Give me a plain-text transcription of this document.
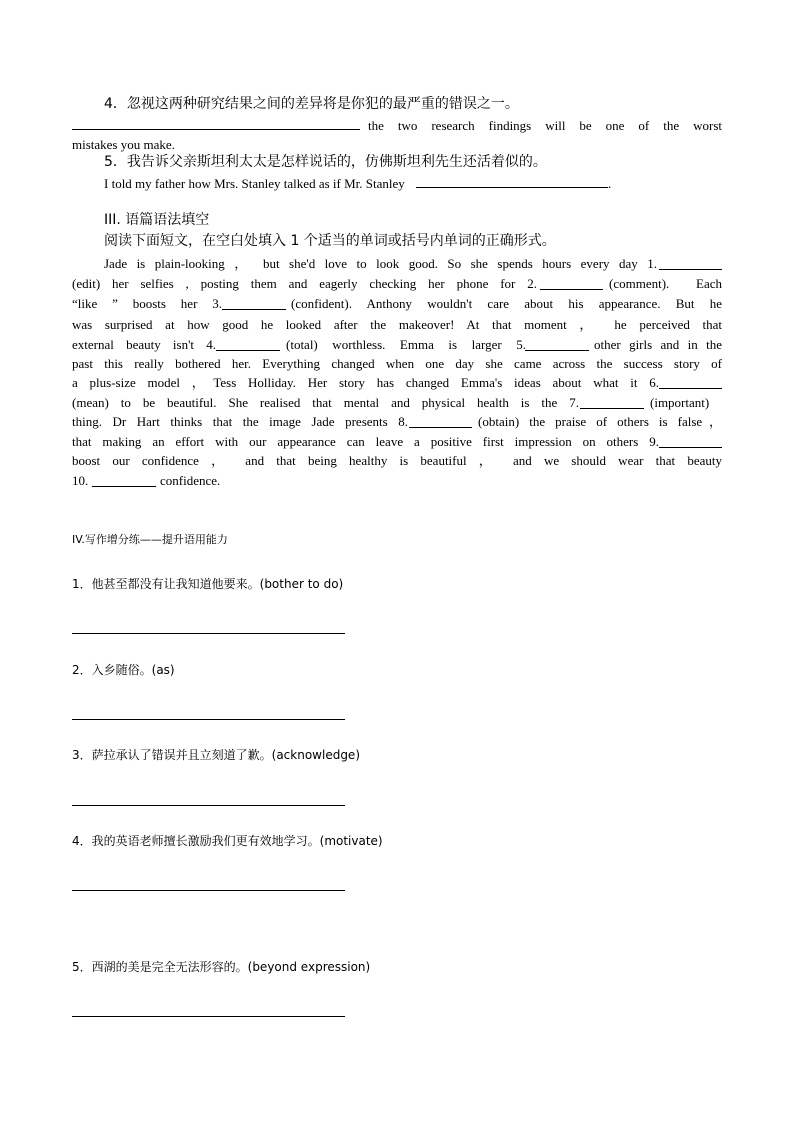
4．忽视这两种研究结果之间的差异将是你犯的最严重的错误之一。
the two research findings will be one of the worst
mistakes you make.
5．我告诉父亲斯坦利太太是怎样说话的，仿佛斯坦利先生还活着似的。
I told my father how Mrs. Stanley talked as if Mr. Stanley	.
III. 语篇语法填空
阅读下面短文，在空白处填入 1 个适当的单词或括号内单词的正确形式。
Jade is plain-looking ， but she'd love to look good. So she spends hours every day 1.
(edit) her selfies , posting them and eagerly checking her phone for 2.	(comment). Each
“like ” boosts her 3.	(confident). Anthony wouldn't care about his appearance. But he
was surprised at how good he looked after the makeover! At that moment ， he perceived that
external beauty isn't 4.	(total) worthless. Emma is larger 5.	other girls and in the
past this really bothered her. Everything changed when one day she came across the success story of
a plus-size model ，Tess Holliday. Her story has changed Emma's ideas about what it 6.
(mean) to be beautiful. She realised that mental and physical health is the 7.	(important)
thing. Dr Hart thinks that the image Jade presents 8.	(obtain) the praise of others is false，
that making an effort with our appearance can leave a positive first impression on others 9.
boost our confidence ， and that being healthy is beautiful ， and we should wear that beauty
10.	confidence.
IV.写作增分练——提升语用能力
1．他甚至都没有让我知道他要来。(bother to do)
2．入乡随俗。(as)
3．萨拉承认了错误并且立刻道了歉。(acknowledge)
4．我的英语老师擅长激励我们更有效地学习。(motivate)
5．西湖的美是完全无法形容的。(beyond expression)
